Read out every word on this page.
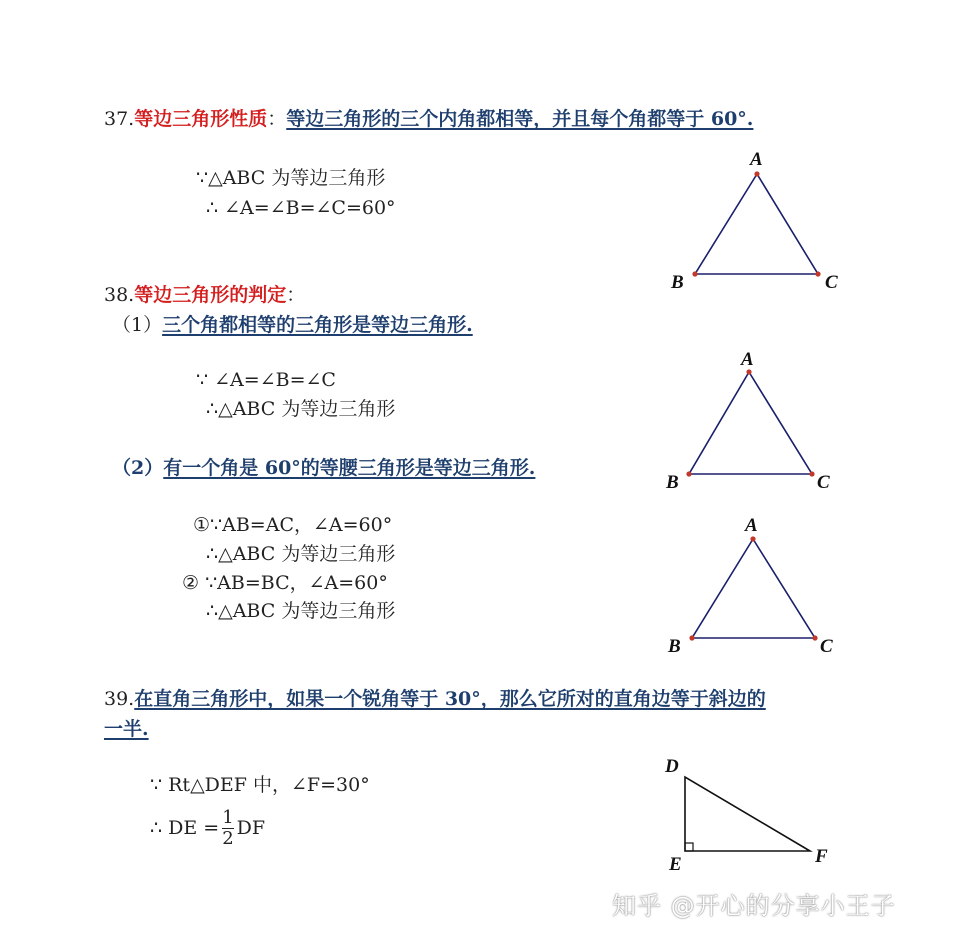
37.等边三角形性质：等边三角形的三个内角都相等，并且每个角都等于 60°.
∵△ABC 为等边三角形
∴ ∠A=∠B=∠C=60°
38.等边三角形的判定：
（1）三个角都相等的三角形是等边三角形.
∵ ∠A=∠B=∠C
∴△ABC 为等边三角形
（2）有一个角是 60°的等腰三角形是等边三角形.
①∵AB=AC，∠A=60°
∴△ABC 为等边三角形
② ∵AB=BC，∠A=60°
∴△ABC 为等边三角形
39.在直角三角形中，如果一个锐角等于 30°，那么它所对的直角边等于斜边的
一半.
∵ Rt△DEF 中，∠F=30°
∴ DE = $\frac{1}{2}$ DF
A
B	C
A
B	C
A
B	C
D
E	F
知乎 @开心的分享小王子
